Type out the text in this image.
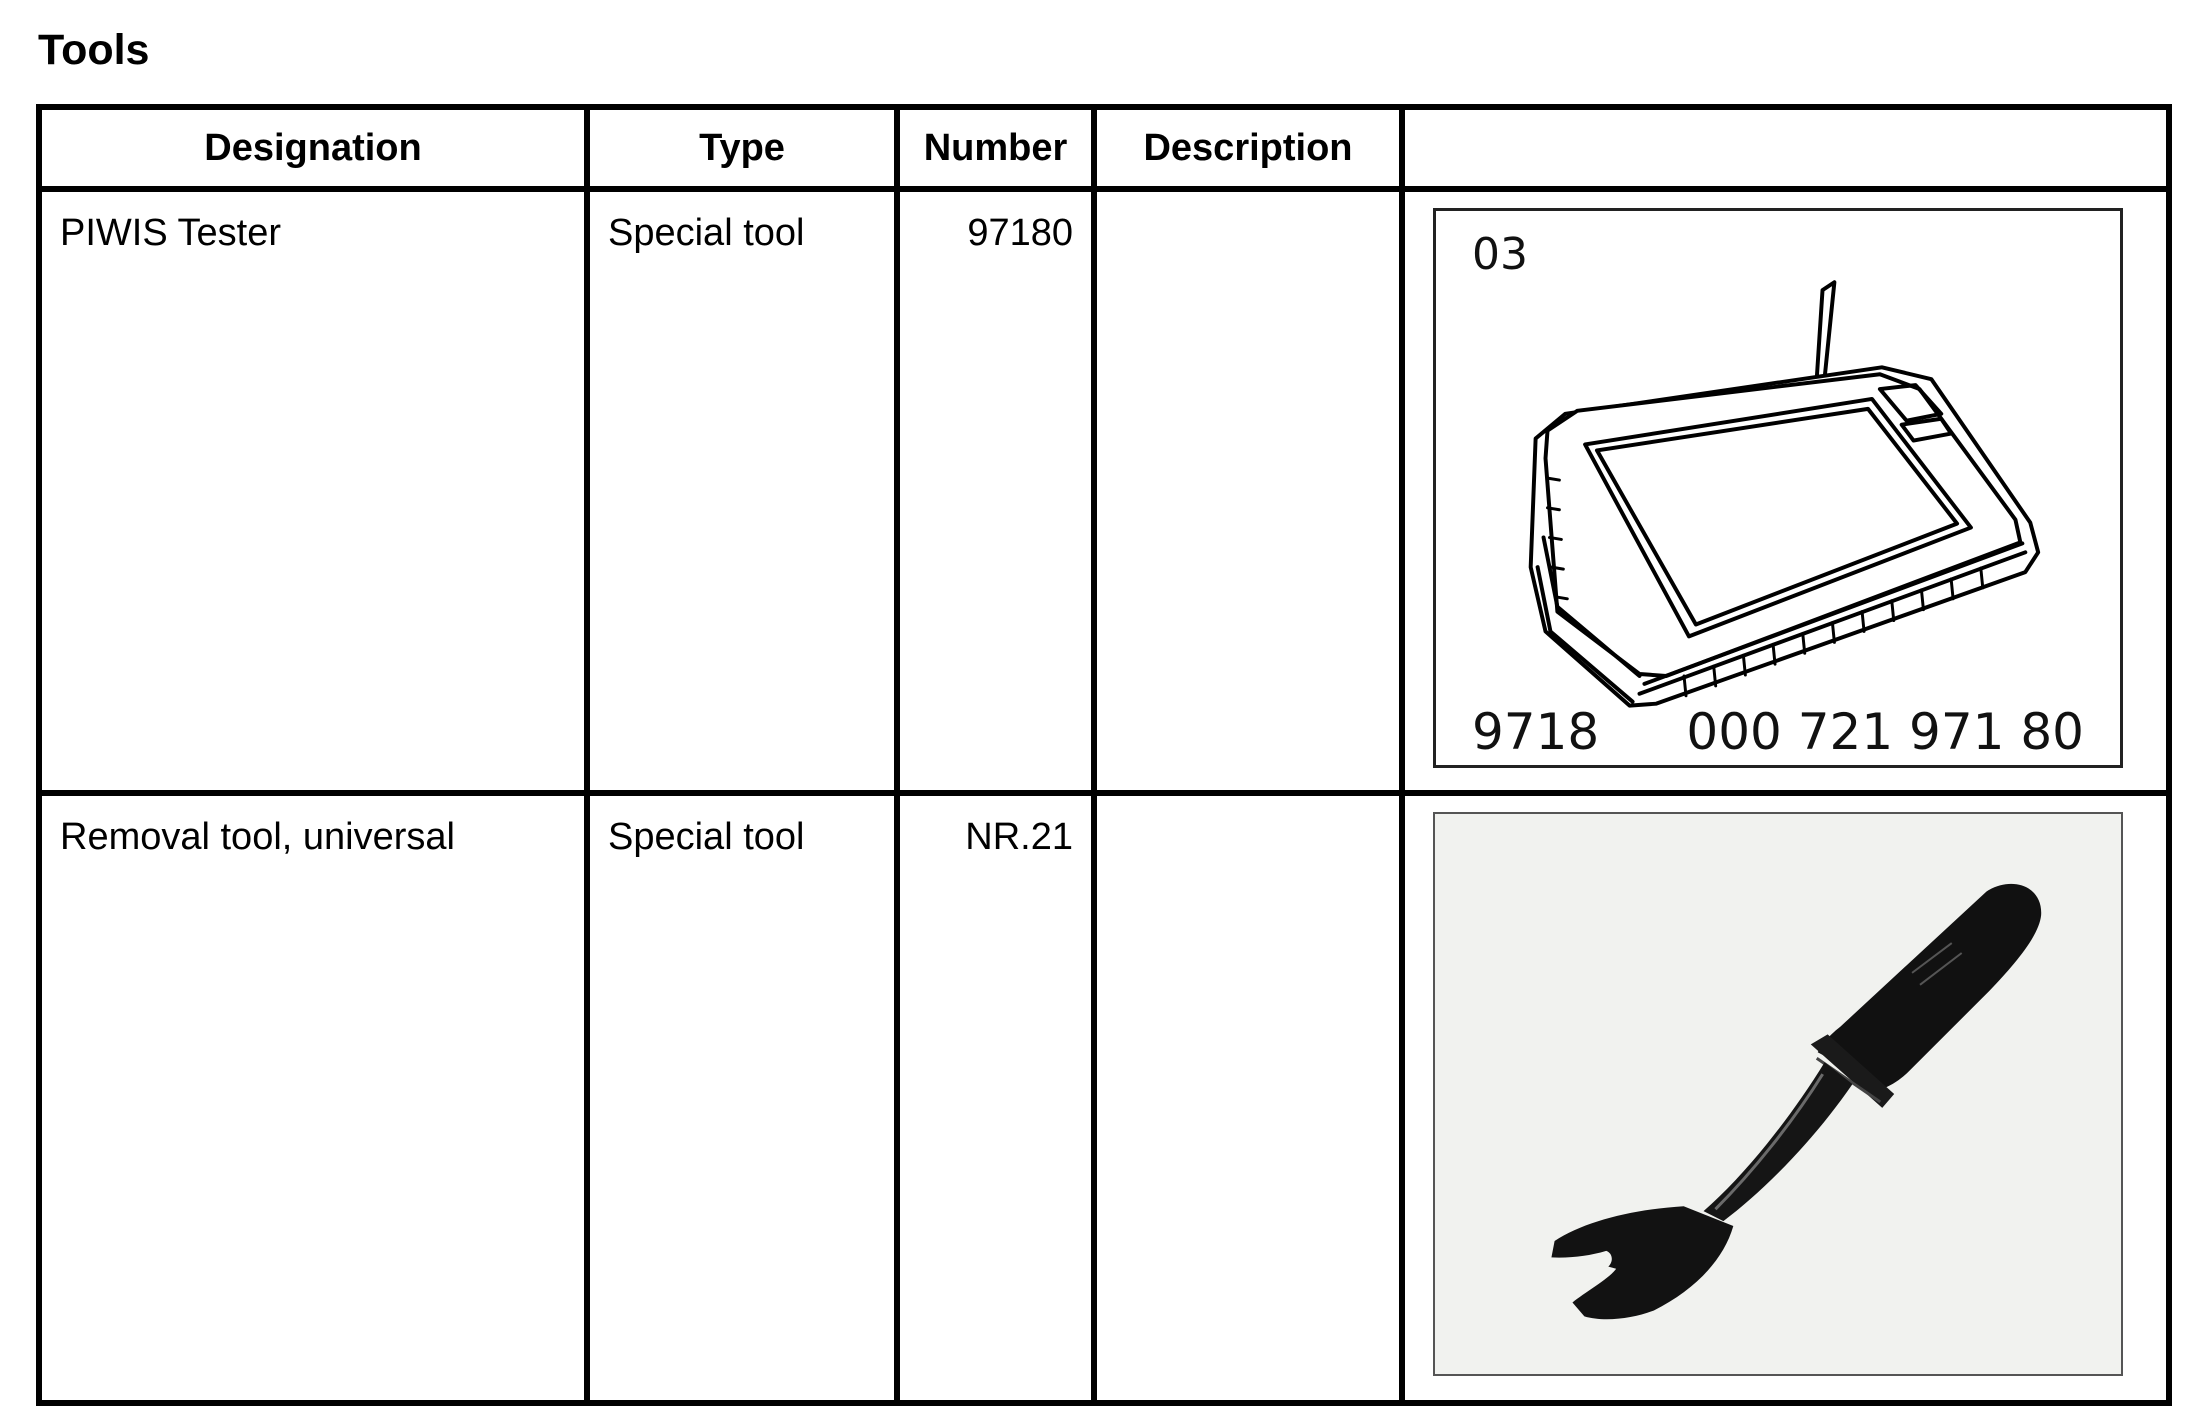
Tools
Designation	Type	Number	Description	

PIWIS Tester	Special tool	97180		03
9718 000 721 971 80

Removal tool, universal	Special tool	NR.21
